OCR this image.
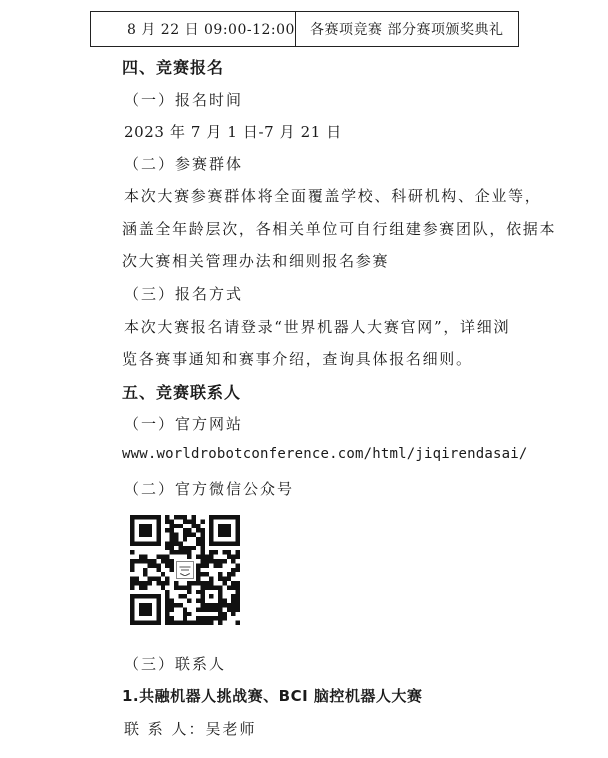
8 月 22 日 09:00-12:00	各赛项竞赛 部分赛项颁奖典礼
四、竞赛报名
（一）报名时间
2023 年 7 月 1 日-7 月 21 日
（二）参赛群体
本次大赛参赛群体将全面覆盖学校、科研机构、企业等，
涵盖全年龄层次，各相关单位可自行组建参赛团队，依据本
次大赛相关管理办法和细则报名参赛
（三）报名方式
本次大赛报名请登录“世界机器人大赛官网”，详细浏
览各赛事通知和赛事介绍，查询具体报名细则。
五、竞赛联系人
（一）官方网站
www.worldrobotconference.com/html/jiqirendasai/
（二）官方微信公众号
（三）联系人
1.共融机器人挑战赛、BCI 脑控机器人大赛
联 系 人：吴老师
